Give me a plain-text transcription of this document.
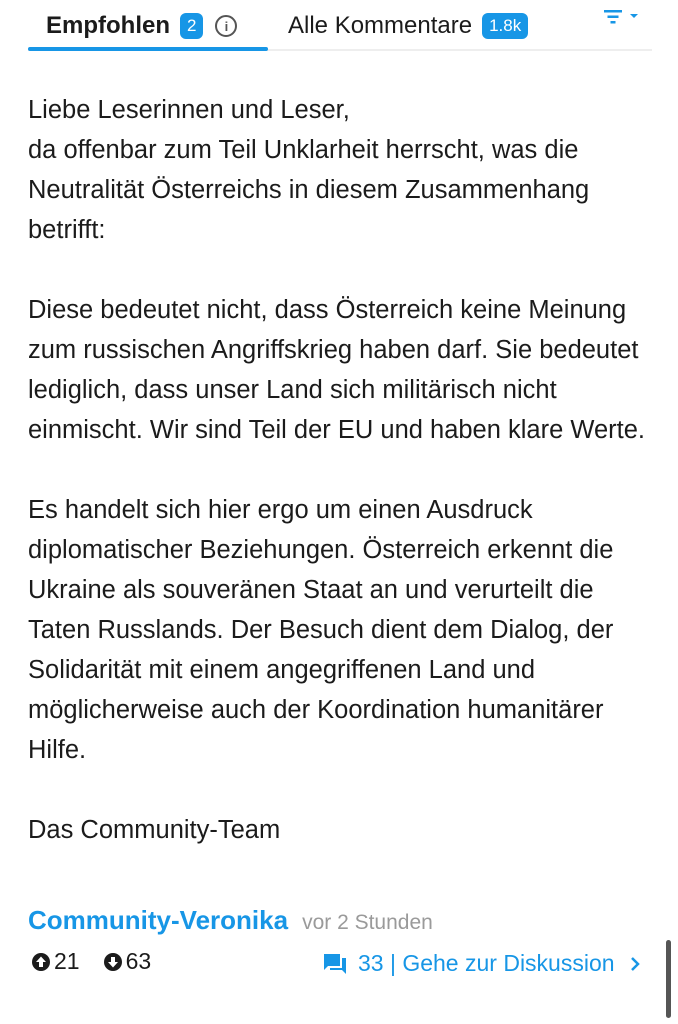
Empfohlen	2	i	Alle Kommentare	1.8k

Liebe Leserinnen und Leser,
da offenbar zum Teil Unklarheit herrscht, was die Neutralität Österreichs in diesem Zusammenhang betrifft:

Diese bedeutet nicht, dass Österreich keine Meinung zum russischen Angriffskrieg haben darf. Sie bedeutet lediglich, dass unser Land sich militärisch nicht einmischt. Wir sind Teil der EU und haben klare Werte.

Es handelt sich hier ergo um einen Ausdruck diplomatischer Beziehungen. Österreich erkennt die Ukraine als souveränen Staat an und verurteilt die Taten Russlands. Der Besuch dient dem Dialog, der Solidarität mit einem angegriffenen Land und möglicherweise auch der Koordination humanitärer Hilfe.

Das Community-Team

Community-Veronika vor 2 Stunden
21 63	33 | Gehe zur Diskussion
